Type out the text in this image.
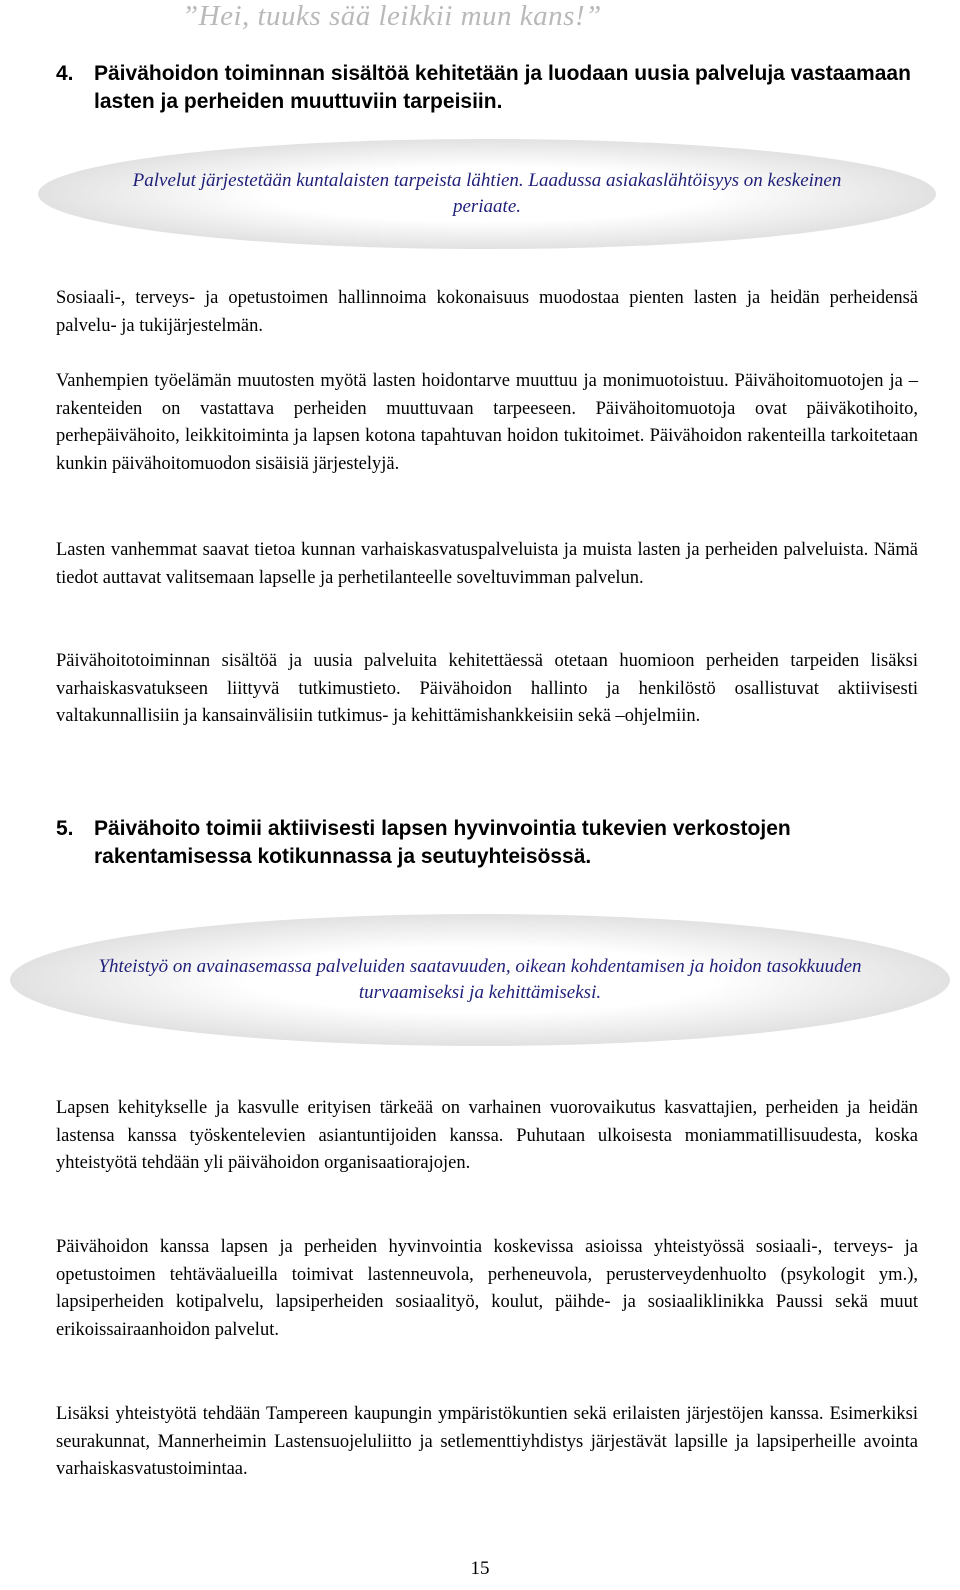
”Hei, tuuks sää leikkii mun kans!”
4. Päivähoidon toiminnan sisältöä kehitetään ja luodaan uusia palveluja vastaamaan lasten ja perheiden muuttuviin tarpeisiin.
Palvelut järjestetään kuntalaisten tarpeista lähtien. Laadussa asiakaslähtöisyys on keskeinen periaate.

Sosiaali-, terveys- ja opetustoimen hallinnoima kokonaisuus muodostaa pienten lasten ja heidän perheidensä palvelu- ja tukijärjestelmän.

Vanhempien työelämän muutosten myötä lasten hoidontarve muuttuu ja monimuotoistuu. Päivähoitomuotojen ja –rakenteiden on vastattava perheiden muuttuvaan tarpeeseen. Päivähoitomuotoja ovat päiväkotihoito, perhepäivähoito, leikkitoiminta ja lapsen kotona tapahtuvan hoidon tukitoimet. Päivähoidon rakenteilla tarkoitetaan kunkin päivähoitomuodon sisäisiä järjestelyjä.

Lasten vanhemmat saavat tietoa kunnan varhaiskasvatuspalveluista ja muista lasten ja perheiden palveluista. Nämä tiedot auttavat valitsemaan lapselle ja perhetilanteelle soveltuvimman palvelun.

Päivähoitotoiminnan sisältöä ja uusia palveluita kehitettäessä otetaan huomioon perheiden tarpeiden lisäksi varhaiskasvatukseen liittyvä tutkimustieto. Päivähoidon hallinto ja henkilöstö osallistuvat aktiivisesti valtakunnallisiin ja kansainvälisiin tutkimus- ja kehittämishankkeisiin sekä –ohjelmiin.

5. Päivähoito toimii aktiivisesti lapsen hyvinvointia tukevien verkostojen rakentamisessa kotikunnassa ja seutuyhteisössä.
Yhteistyö on avainasemassa palveluiden saatavuuden, oikean kohdentamisen ja hoidon tasokkuuden turvaamiseksi ja kehittämiseksi.

Lapsen kehitykselle ja kasvulle erityisen tärkeää on varhainen vuorovaikutus kasvattajien, perheiden ja heidän lastensa kanssa työskentelevien asiantuntijoiden kanssa. Puhutaan ulkoisesta moniammatillisuudesta, koska yhteistyötä tehdään yli päivähoidon organisaatiorajojen.

Päivähoidon kanssa lapsen ja perheiden hyvinvointia koskevissa asioissa yhteistyössä sosiaali-, terveys- ja opetustoimen tehtäväalueilla toimivat lastenneuvola, perheneuvola, perusterveydenhuolto (psykologit ym.), lapsiperheiden kotipalvelu, lapsiperheiden sosiaalityö, koulut, päihde- ja sosiaaliklinikka Paussi sekä muut erikoissairaanhoidon palvelut.

Lisäksi yhteistyötä tehdään Tampereen kaupungin ympäristökuntien sekä erilaisten järjestöjen kanssa. Esimerkiksi seurakunnat, Mannerheimin Lastensuojeluliitto ja setlementtiyhdistys järjestävät lapsille ja lapsiperheille avointa varhaiskasvatustoimintaa.

15
